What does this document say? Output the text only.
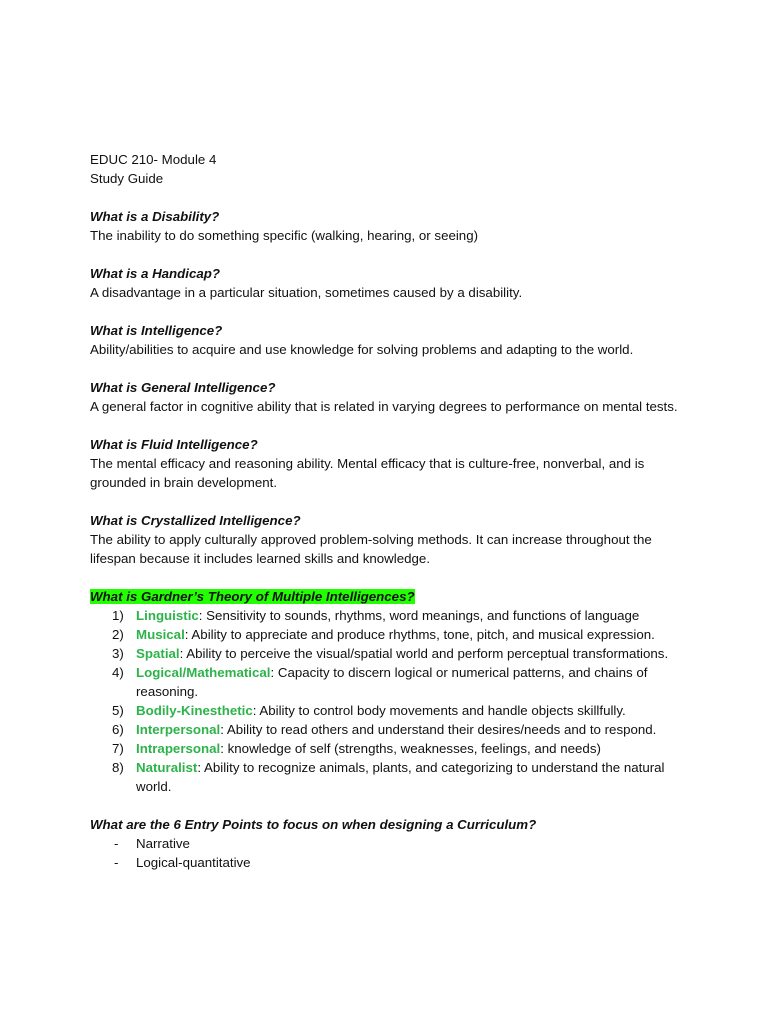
EDUC 210- Module 4
Study Guide
What is a Disability?
The inability to do something specific (walking, hearing, or seeing)
What is a Handicap?
A disadvantage in a particular situation, sometimes caused by a disability.
What is Intelligence?
Ability/abilities to acquire and use knowledge for solving problems and adapting to the world.
What is General Intelligence?
A general factor in cognitive ability that is related in varying degrees to performance on mental tests.
What is Fluid Intelligence?
The mental efficacy and reasoning ability. Mental efficacy that is culture-free, nonverbal, and is grounded in brain development.
What is Crystallized Intelligence?
The ability to apply culturally approved problem-solving methods. It can increase throughout the lifespan because it includes learned skills and knowledge.
What is Gardner’s Theory of Multiple Intelligences?
1) Linguistic: Sensitivity to sounds, rhythms, word meanings, and functions of language
2) Musical: Ability to appreciate and produce rhythms, tone, pitch, and musical expression.
3) Spatial: Ability to perceive the visual/spatial world and perform perceptual transformations.
4) Logical/Mathematical: Capacity to discern logical or numerical patterns, and chains of reasoning.
5) Bodily-Kinesthetic: Ability to control body movements and handle objects skillfully.
6) Interpersonal: Ability to read others and understand their desires/needs and to respond.
7) Intrapersonal: knowledge of self (strengths, weaknesses, feelings, and needs)
8) Naturalist: Ability to recognize animals, plants, and categorizing to understand the natural world.
What are the 6 Entry Points to focus on when designing a Curriculum?
-	Narrative
-	Logical-quantitative
